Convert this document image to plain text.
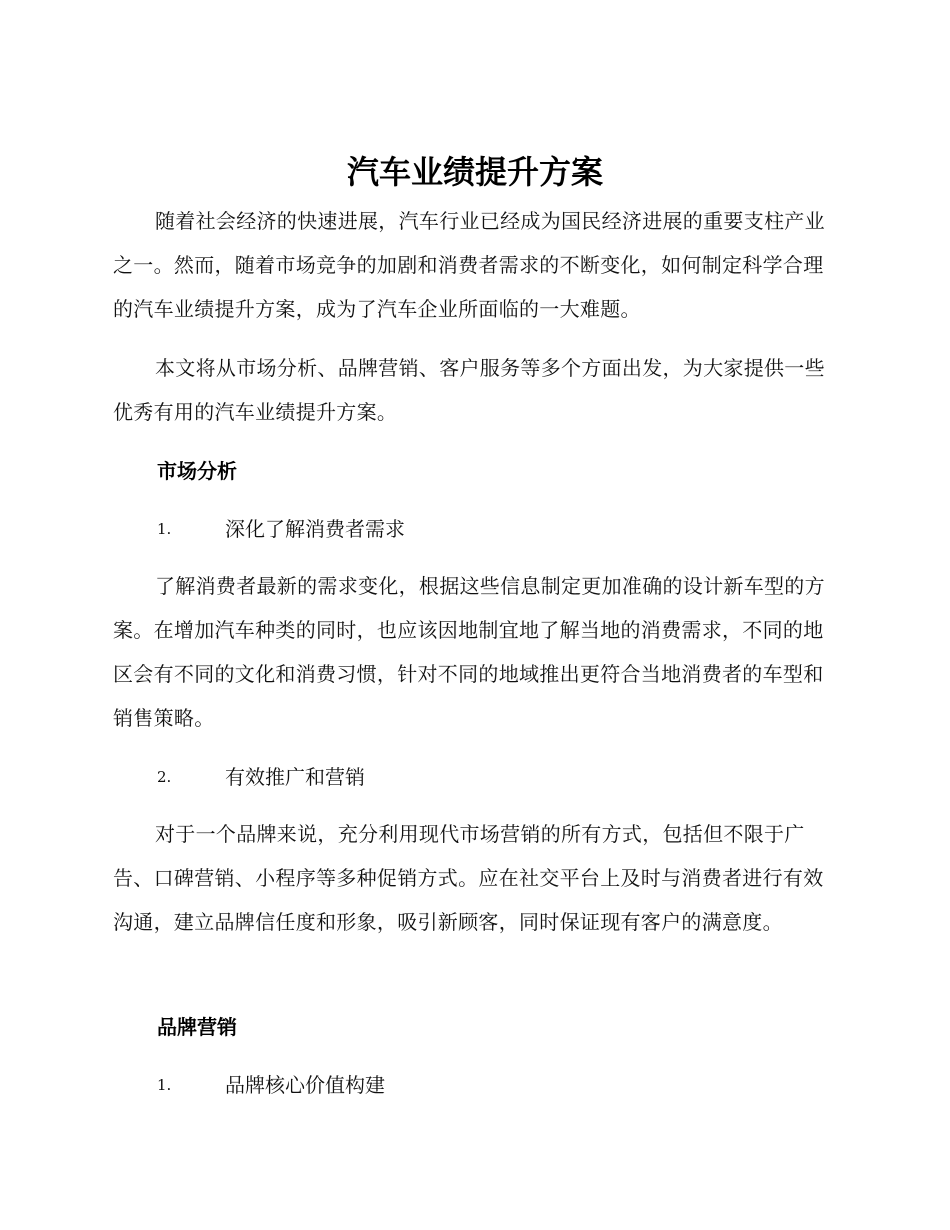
汽车业绩提升方案

随着社会经济的快速进展，汽车行业已经成为国民经济进展的重要支柱产业之一。然而，随着市场竞争的加剧和消费者需求的不断变化，如何制定科学合理的汽车业绩提升方案，成为了汽车企业所面临的一大难题。

本文将从市场分析、品牌营销、客户服务等多个方面出发，为大家提供一些优秀有用的汽车业绩提升方案。

市场分析
1.	深化了解消费者需求

了解消费者最新的需求变化，根据这些信息制定更加准确的设计新车型的方案。在增加汽车种类的同时，也应该因地制宜地了解当地的消费需求，不同的地区会有不同的文化和消费习惯，针对不同的地域推出更符合当地消费者的车型和销售策略。

2.	有效推广和营销

对于一个品牌来说，充分利用现代市场营销的所有方式，包括但不限于广告、口碑营销、小程序等多种促销方式。应在社交平台上及时与消费者进行有效沟通，建立品牌信任度和形象，吸引新顾客，同时保证现有客户的满意度。

品牌营销
1.	品牌核心价值构建
